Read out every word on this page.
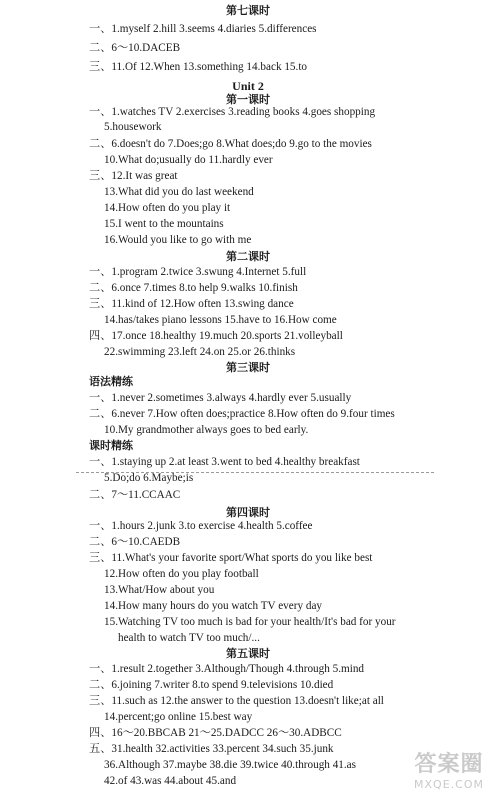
第七课时
一、1.myself 2.hill 3.seems 4.diaries 5.differences
二、6～10.DACEB
三、11.Of 12.When 13.something 14.back 15.to
Unit 2
第一课时
一、1.watches TV 2.exercises 3.reading books 4.goes shopping
5.housework
二、6.doesn't do 7.Does;go 8.What does;do 9.go to the movies
10.What do;usually do 11.hardly ever
三、12.It was great
13.What did you do last weekend
14.How often do you play it
15.I went to the mountains
16.Would you like to go with me
第二课时
一、1.program 2.twice 3.swung 4.Internet 5.full
二、6.once 7.times 8.to help 9.walks 10.finish
三、11.kind of 12.How often 13.swing dance
14.has/takes piano lessons 15.have to 16.How come
四、17.once 18.healthy 19.much 20.sports 21.volleyball
22.swimming 23.left 24.on 25.or 26.thinks
第三课时
语法精练
一、1.never 2.sometimes 3.always 4.hardly ever 5.usually
二、6.never 7.How often does;practice 8.How often do 9.four times
10.My grandmother always goes to bed early.
课时精练
一、1.staying up 2.at least 3.went to bed 4.healthy breakfast
5.Do;do 6.Maybe;is
二、7～11.CCAAC
第四课时
一、1.hours 2.junk 3.to exercise 4.health 5.coffee
二、6～10.CAEDB
三、11.What's your favorite sport/What sports do you like best
12.How often do you play football
13.What/How about you
14.How many hours do you watch TV every day
15.Watching TV too much is bad for your health/It's bad for your
health to watch TV too much/...
第五课时
一、1.result 2.together 3.Although/Though 4.through 5.mind
二、6.joining 7.writer 8.to spend 9.televisions 10.died
三、11.such as 12.the answer to the question 13.doesn't like;at all
14.percent;go online 15.best way
四、16～20.BBCAB 21～25.DADCC 26～30.ADBCC
五、31.health 32.activities 33.percent 34.such 35.junk
36.Although 37.maybe 38.die 39.twice 40.through 41.as
42.of 43.was 44.about 45.and
答案圈
MXQE.COM
